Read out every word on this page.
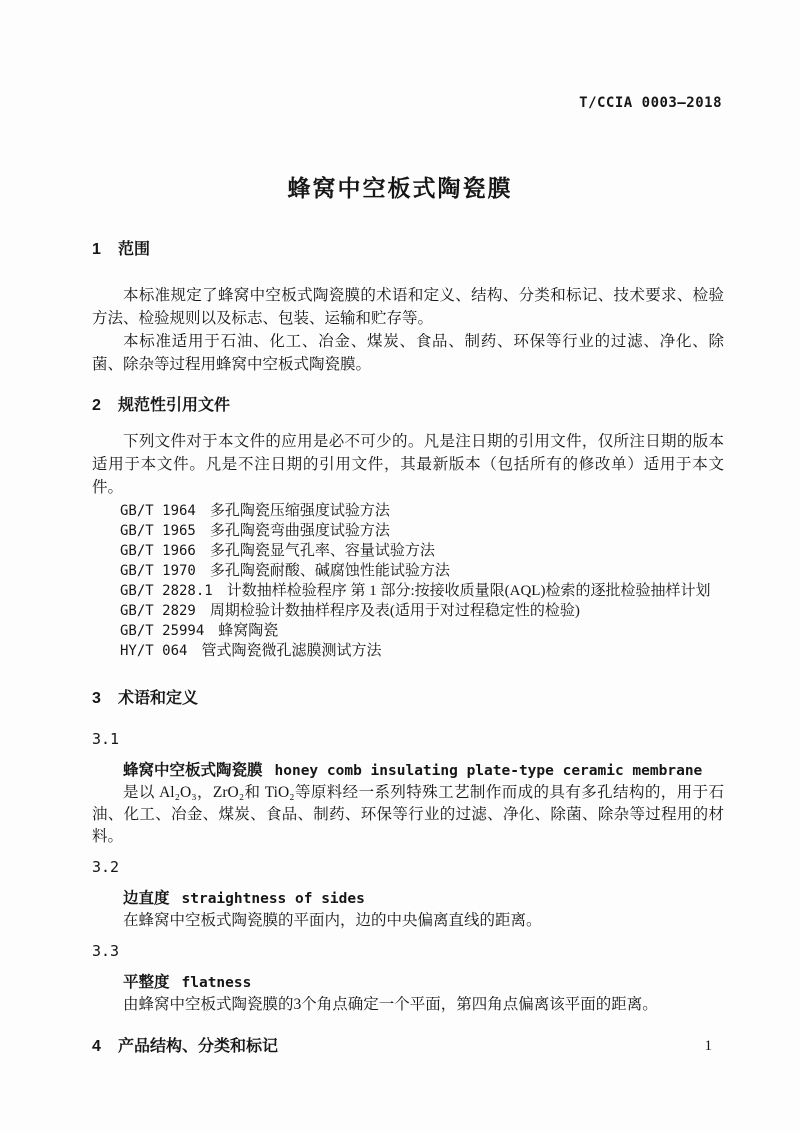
T/CCIA 0003—2018
蜂窝中空板式陶瓷膜
1 范围

本标准规定了蜂窝中空板式陶瓷膜的术语和定义、结构、分类和标记、技术要求、检验方法、检验规则以及标志、包装、运输和贮存等。

本标准适用于石油、化工、冶金、煤炭、食品、制药、环保等行业的过滤、净化、除菌、除杂等过程用蜂窝中空板式陶瓷膜。

2 规范性引用文件

下列文件对于本文件的应用是必不可少的。凡是注日期的引用文件，仅所注日期的版本适用于本文件。凡是不注日期的引用文件，其最新版本（包括所有的修改单）适用于本文件。

GB/T 1964 多孔陶瓷压缩强度试验方法
GB/T 1965 多孔陶瓷弯曲强度试验方法
GB/T 1966 多孔陶瓷显气孔率、容量试验方法
GB/T 1970 多孔陶瓷耐酸、碱腐蚀性能试验方法
GB/T 2828.1 计数抽样检验程序 第 1 部分:按接收质量限(AQL)检索的逐批检验抽样计划
GB/T 2829 周期检验计数抽样程序及表(适用于对过程稳定性的检验)
GB/T 25994 蜂窝陶瓷
HY/T 064 管式陶瓷微孔滤膜测试方法
3 术语和定义
3.1
蜂窝中空板式陶瓷膜 honey comb insulating plate-type ceramic membrane

是以 Al₂O₃，ZrO₂和 TiO₂等原料经一系列特殊工艺制作而成的具有多孔结构的，用于石油、化工、冶金、煤炭、食品、制药、环保等行业的过滤、净化、除菌、除杂等过程用的材料。

3.2
边直度 straightness of sides

在蜂窝中空板式陶瓷膜的平面内，边的中央偏离直线的距离。

3.3
平整度 flatness

由蜂窝中空板式陶瓷膜的3个角点确定一个平面，第四角点偏离该平面的距离。

4 产品结构、分类和标记	1
